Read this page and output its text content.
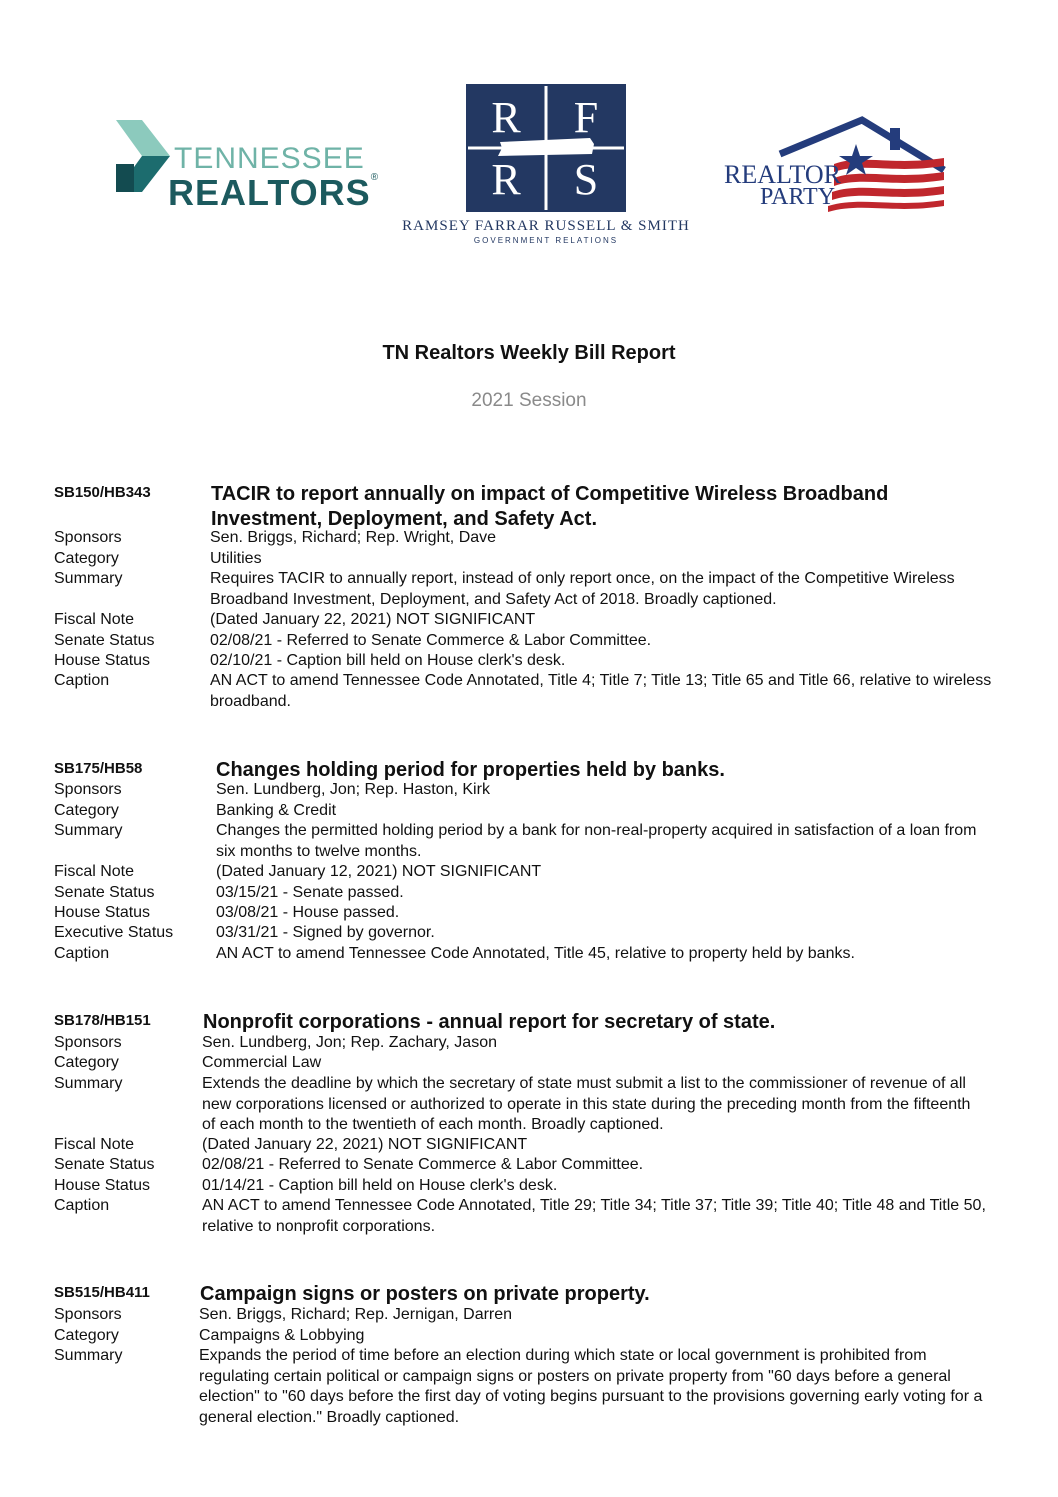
TENNESSEE
REALTORS®
R	F
R	S
RAMSEY FARRAR RUSSELL & SMITH
GOVERNMENT RELATIONS
REALTOR
PARTY
TN Realtors Weekly Bill Report
2021 Session
SB150/HB343	TACIR to report annually on impact of Competitive Wireless Broadband Investment, Deployment, and Safety Act.
Sponsors	Sen. Briggs, Richard; Rep. Wright, Dave
Category	Utilities
Summary	Requires TACIR to annually report, instead of only report once, on the impact of the Competitive Wireless Broadband Investment, Deployment, and Safety Act of 2018. Broadly captioned.
Fiscal Note	(Dated January 22, 2021) NOT SIGNIFICANT
Senate Status	02/08/21 - Referred to Senate Commerce & Labor Committee.
House Status	02/10/21 - Caption bill held on House clerk's desk.
Caption	AN ACT to amend Tennessee Code Annotated, Title 4; Title 7; Title 13; Title 65 and Title 66, relative to wireless broadband.
SB175/HB58	Changes holding period for properties held by banks.
Sponsors	Sen. Lundberg, Jon; Rep. Haston, Kirk
Category	Banking & Credit
Summary	Changes the permitted holding period by a bank for non-real-property acquired in satisfaction of a loan from six months to twelve months.
Fiscal Note	(Dated January 12, 2021) NOT SIGNIFICANT
Senate Status	03/15/21 - Senate passed.
House Status	03/08/21 - House passed.
Executive Status	03/31/21 - Signed by governor.
Caption	AN ACT to amend Tennessee Code Annotated, Title 45, relative to property held by banks.
SB178/HB151	Nonprofit corporations - annual report for secretary of state.
Sponsors	Sen. Lundberg, Jon; Rep. Zachary, Jason
Category	Commercial Law
Summary	Extends the deadline by which the secretary of state must submit a list to the commissioner of revenue of all new corporations licensed or authorized to operate in this state during the preceding month from the fifteenth of each month to the twentieth of each month. Broadly captioned.
Fiscal Note	(Dated January 22, 2021) NOT SIGNIFICANT
Senate Status	02/08/21 - Referred to Senate Commerce & Labor Committee.
House Status	01/14/21 - Caption bill held on House clerk's desk.
Caption	AN ACT to amend Tennessee Code Annotated, Title 29; Title 34; Title 37; Title 39; Title 40; Title 48 and Title 50, relative to nonprofit corporations.
SB515/HB411	Campaign signs or posters on private property.
Sponsors	Sen. Briggs, Richard; Rep. Jernigan, Darren
Category	Campaigns & Lobbying
Summary	Expands the period of time before an election during which state or local government is prohibited from regulating certain political or campaign signs or posters on private property from "60 days before a general election" to "60 days before the first day of voting begins pursuant to the provisions governing early voting for a general election." Broadly captioned.
